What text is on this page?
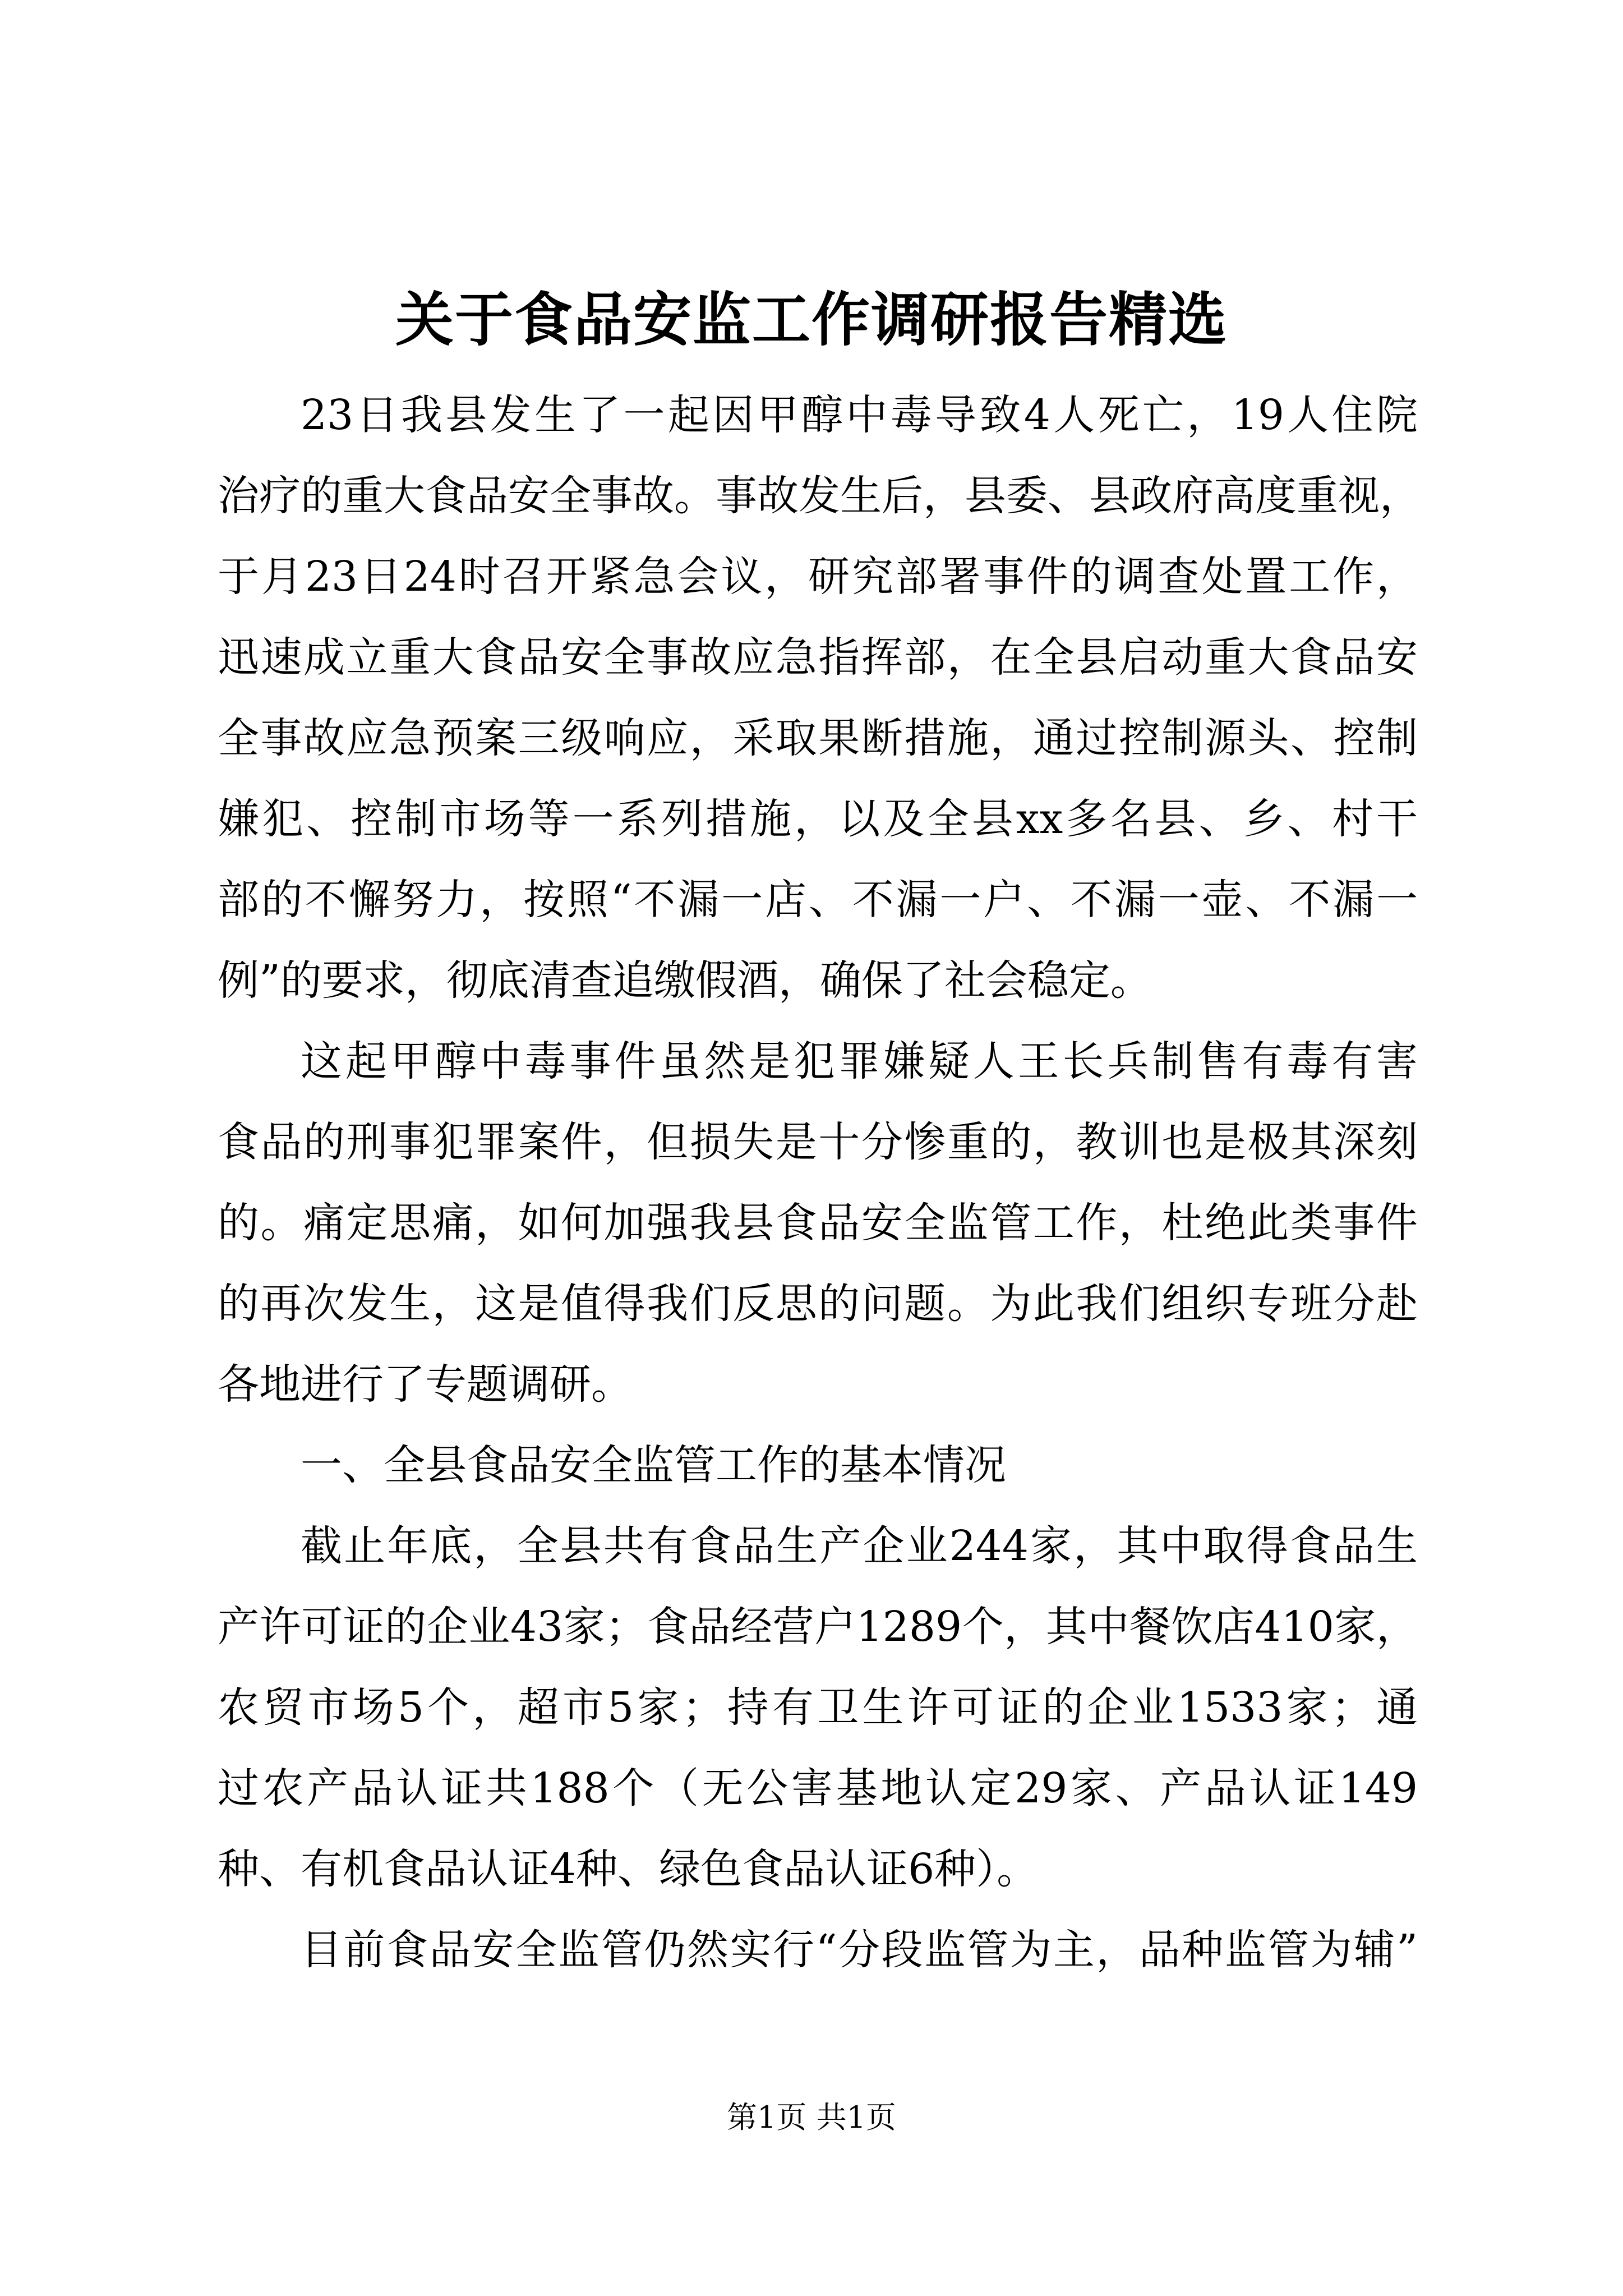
关于食品安监工作调研报告精选
23日我县发生了一起因甲醇中毒导致4人死亡，19人住院
治疗的重大食品安全事故。事故发生后，县委、县政府高度重视，
于月23日24时召开紧急会议，研究部署事件的调查处置工作，
迅速成立重大食品安全事故应急指挥部，在全县启动重大食品安
全事故应急预案三级响应，采取果断措施，通过控制源头、控制
嫌犯、控制市场等一系列措施，以及全县xx多名县、乡、村干
部的不懈努力，按照“不漏一店、不漏一户、不漏一壶、不漏一
例”的要求，彻底清查追缴假酒，确保了社会稳定。
这起甲醇中毒事件虽然是犯罪嫌疑人王长兵制售有毒有害
食品的刑事犯罪案件，但损失是十分惨重的，教训也是极其深刻
的。痛定思痛，如何加强我县食品安全监管工作，杜绝此类事件
的再次发生，这是值得我们反思的问题。为此我们组织专班分赴
各地进行了专题调研。
一、全县食品安全监管工作的基本情况
截止年底，全县共有食品生产企业244家，其中取得食品生
产许可证的企业43家；食品经营户1289个，其中餐饮店410家，
农贸市场5个，超市5家；持有卫生许可证的企业1533家；通
过农产品认证共188个（无公害基地认定29家、产品认证149
种、有机食品认证4种、绿色食品认证6种）。
目前食品安全监管仍然实行“分段监管为主，品种监管为辅”
第1页 共1页
